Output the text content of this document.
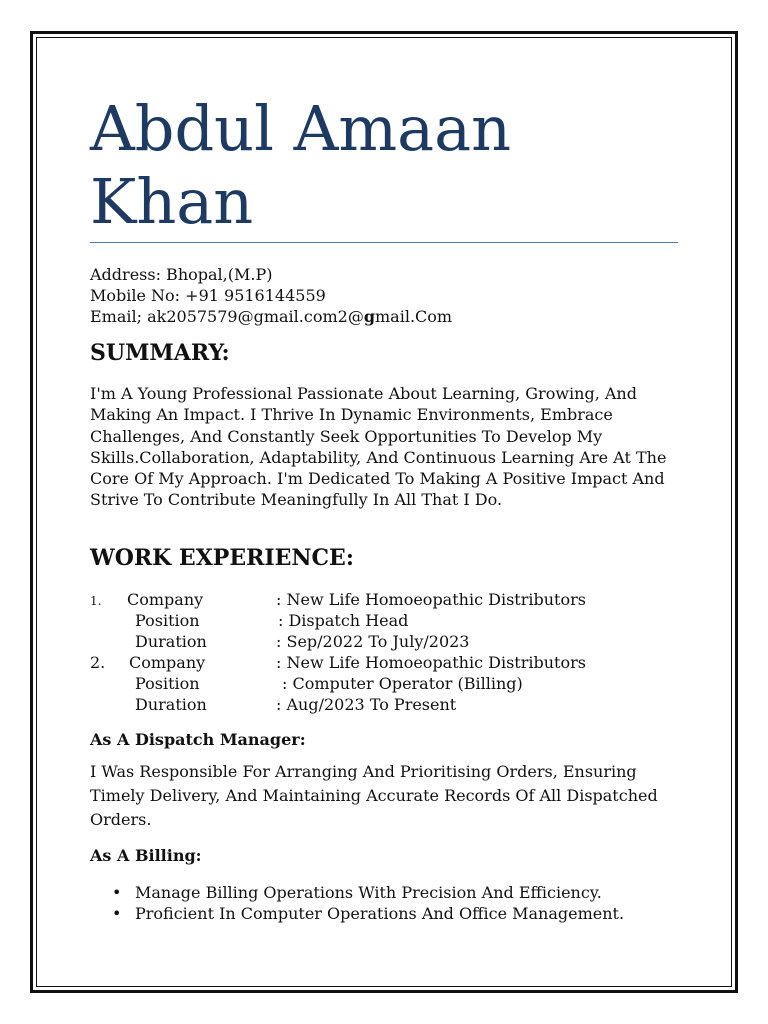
Abdul Amaan
Khan
Address: Bhopal,(M.P)
Mobile No: +91 9516144559
Email; ak2057579@gmail.com2@gmail.Com
SUMMARY:
I'm A Young Professional Passionate About Learning, Growing, And Making An Impact. I Thrive In Dynamic Environments, Embrace Challenges, And Constantly Seek Opportunities To Develop My Skills.Collaboration, Adaptability, And Continuous Learning Are At The Core Of My Approach. I'm Dedicated To Making A Positive Impact And Strive To Contribute Meaningfully In All That I Do.
WORK EXPERIENCE:
1. Company	: New Life Homoeopathic Distributors
Position	: Dispatch Head
Duration	: Sep/2022 To July/2023
2. Company	: New Life Homoeopathic Distributors
Position	: Computer Operator (Billing)
Duration	: Aug/2023 To Present
As A Dispatch Manager:
I Was Responsible For Arranging And Prioritising Orders, Ensuring Timely Delivery, And Maintaining Accurate Records Of All Dispatched Orders.
As A Billing:
• Manage Billing Operations With Precision And Efficiency.
• Proficient In Computer Operations And Office Management.
